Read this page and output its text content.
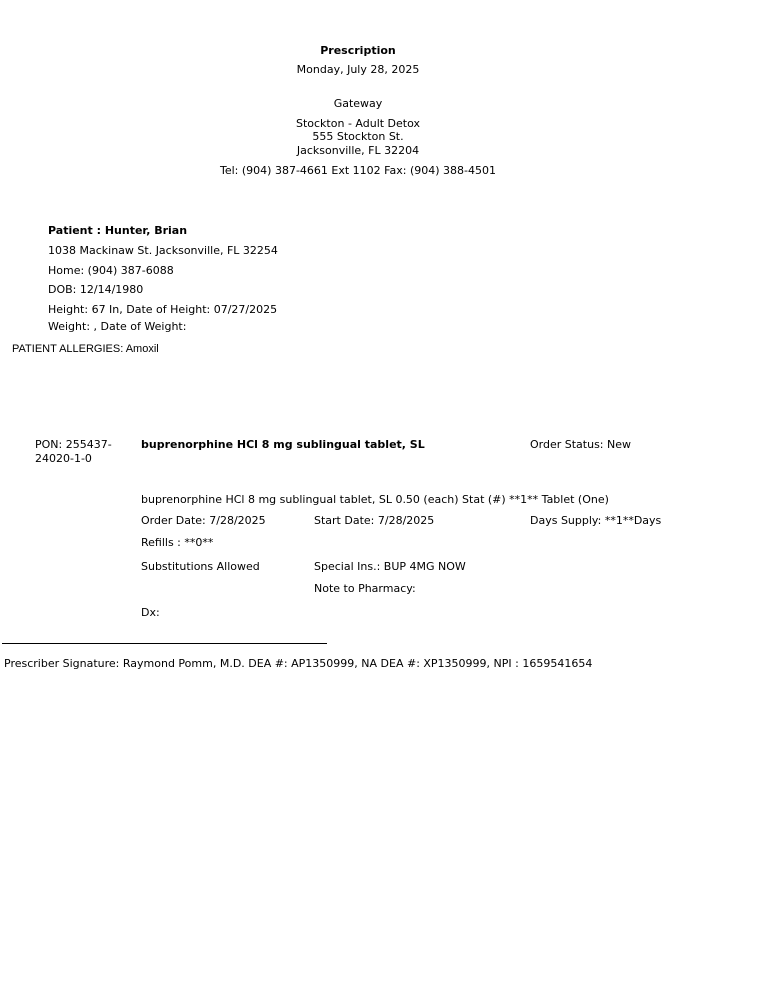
Prescription
Monday, July 28, 2025
Gateway
Stockton - Adult Detox
555 Stockton St.
Jacksonville, FL 32204
Tel: (904) 387-4661 Ext 1102 Fax: (904) 388-4501
Patient : Hunter, Brian
1038 Mackinaw St. Jacksonville, FL 32254
Home: (904) 387-6088
DOB: 12/14/1980
Height: 67 In, Date of Height: 07/27/2025
Weight: , Date of Weight:
PATIENT ALLERGIES: Amoxil
PON: 255437-24020-1-0
buprenorphine HCl 8 mg sublingual tablet, SL	Order Status: New
buprenorphine HCl 8 mg sublingual tablet, SL 0.50 (each) Stat (#) **1** Tablet (One)
Order Date: 7/28/2025	Start Date: 7/28/2025	Days Supply: **1**Days
Refills : **0**
Substitutions Allowed	Special Ins.: BUP 4MG NOW
Note to Pharmacy:
Dx:
Prescriber Signature: Raymond Pomm, M.D. DEA #: AP1350999, NA DEA #: XP1350999, NPI : 1659541654
